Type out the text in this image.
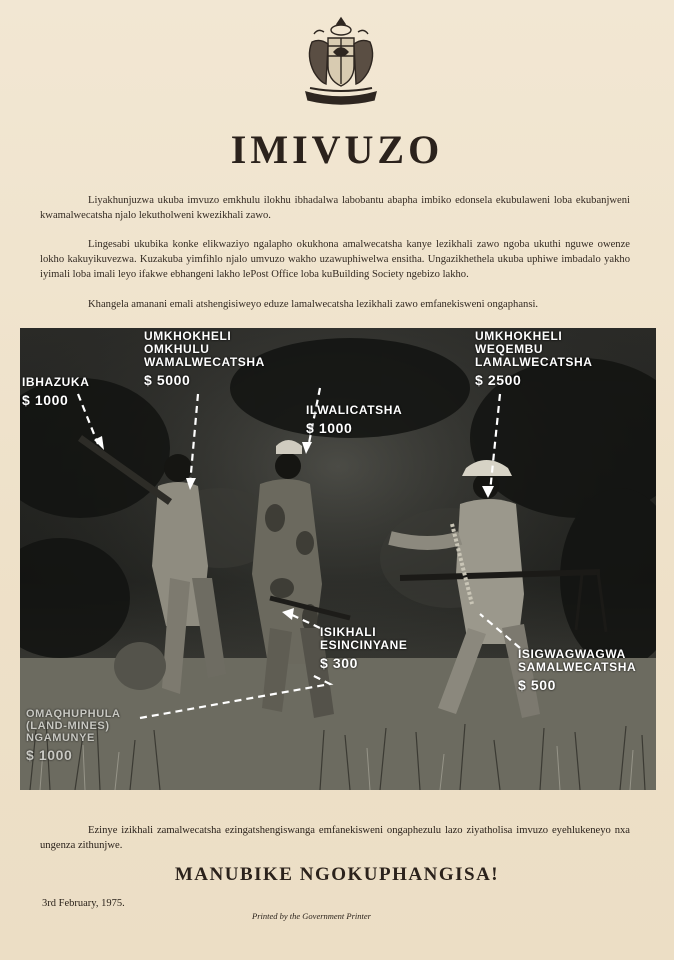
IMIVUZO

Liyakhunjuzwa ukuba imvuzo emkhulu ilokhu ibhadalwa labobantu abapha imbiko edonsela ekubulaweni loba ekubanjweni kwamalwecatsha njalo lekutholweni kwezikhali zawo.

Lingesabi ukubika konke elikwaziyo ngalapho okukhona amalwecatsha kanye lezikhali zawo ngoba ukuthi nguwe owenze lokho kakuyikuvezwa. Kuzakuba yimfihlo njalo umvuzo wakho uzawuphiwelwa ensitha. Ungazikhethela ukuba uphiwe imbadalo yakho iyimali loba imali leyo ifakwe ebhangeni lakho lePost Office loba kuBuilding Society ngebizo lakho.

Khangela amanani emali atshengisiweyo eduze lamalwecatsha lezikhali zawo emfanekisweni ongaphansi.

IBHAZUKA
$ 1000
UMKHOKHELI
OMKHULU
WAMALWECATSHA
$ 5000
ILWALICATSHA
$ 1000
UMKHOKHELI
WEQEMBU
LAMALWECATSHA
$ 2500
ISIKHALI
ESINCINYANE
$ 300
ISIGWAGWAGWA
SAMALWECATSHA
$ 500
OMAQHUPHULA
(LAND-MINES)
NGAMUNYE
$ 1000

Ezinye izikhali zamalwecatsha ezingatshengiswanga emfanekisweni ongaphezulu lazo ziyatholisa imvuzo eyehlukeneyo nxa ungenza zithunjwe.

MANUBIKE NGOKUPHANGISA!
3rd February, 1975.
Printed by the Government Printer
